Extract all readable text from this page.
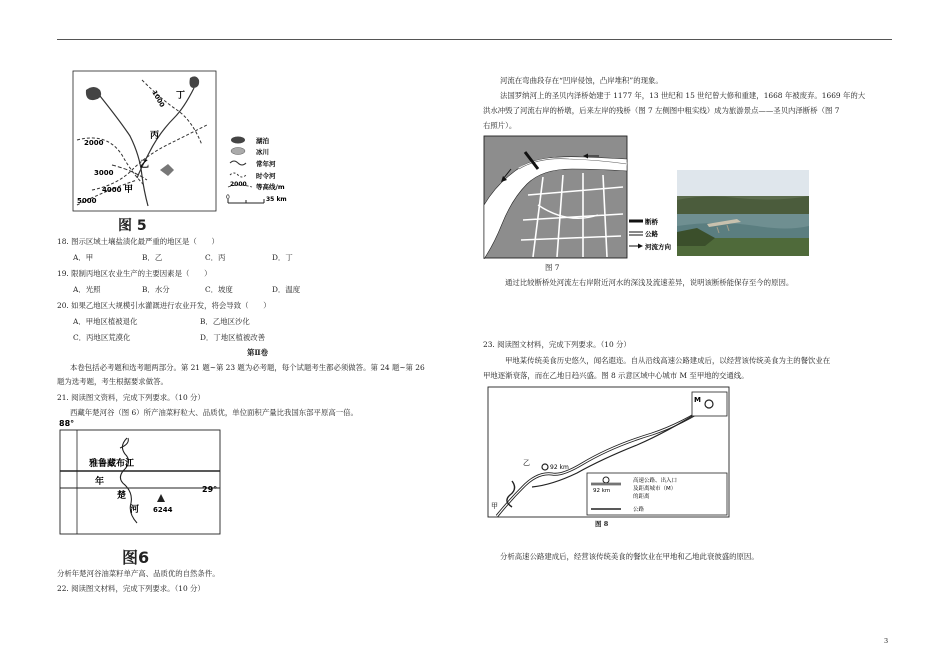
2000
1000
3000
4000
5000
甲
乙
丙
丁
湖泊
冰川
常年河
时令河
2000 等高线/m
0	35 km
图 5
18. 图示区域土壤盐渍化最严重的地区是（　　）
A．甲	B．乙	C．丙	D．丁
19. 限制丙地区农业生产的主要因素是（　　）
A．光照	B．水分	C．坡度	D．温度
20. 如果乙地区大规模引水灌溉进行农业开发，将会导致（　　）
A．甲地区植被退化	B．乙地区沙化
C．丙地区荒漠化	D．丁地区植被改善
第Ⅱ卷
本卷包括必考题和选考题两部分。第 21 题~第 23 题为必考题，每个试题考生都必须做答。第 24 题~第 26
题为选考题，考生根据要求做答。
21. 阅读图文资料，完成下列要求。（10 分）
西藏年楚河谷（图 6）所产油菜籽粒大、品质优，单位面积产量比我国东部平原高一倍。
88°
29°
雅鲁藏布江
年
楚
河 6244
图6
分析年楚河谷油菜籽单产高、品质优的自然条件。
22. 阅读图文材料，完成下列要求。（10 分）
河流在弯曲段存在“凹岸侵蚀，凸岸堆积”的现象。
法国罗纳河上的圣贝内泽桥始建于 1177 年，13 世纪和 15 世纪曾大修和重建，1668 年被废弃。1669 年的大
洪水冲毁了河流右岸的桥墩，后来左岸的残桥（图 7 左侧图中粗实线）成为旅游景点——圣贝内泽断桥（图 7
右照片）。
断桥
公路
河流方向
图 7
通过比较断桥处河流左右岸附近河水的深浅及流速差异，说明该断桥能保存至今的原因。
23. 阅读图文材料，完成下列要求。（10 分）
甲地某传统美食历史悠久，闻名遐迩。自从沿线高速公路建成后，以经营该传统美食为主的餐饮业在
甲地逐渐衰落，而在乙地日趋兴盛。图 8 示意区域中心城市 M 至甲地的交通线。
M
乙
92 km
甲
92 km
高速公路、出入口
及距离城市（M）
的距离
公路
图 8
分析高速公路建成后，经营该传统美食的餐饮业在甲地和乙地此衰彼盛的原因。
3
